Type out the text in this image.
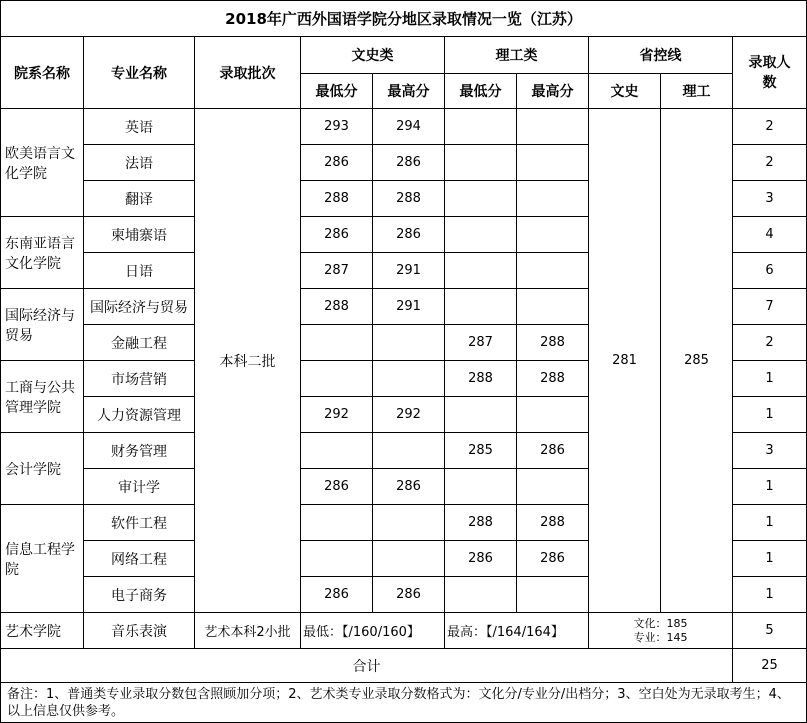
2018年广西外国语学院分地区录取情况一览（江苏）									
院系名称	专业名称	录取批次	文史类		理工类		省控线		录取人数
			最低分	最高分	最低分	最高分	文史	理工	
欧美语言文化学院	英语	本科二批	293	294			281	285	2
	法语		286	286					2
	翻译		288	288					3
东南亚语言文化学院	柬埔寨语		286	286					4
	日语		287	291					6
国际经济与贸易	国际经济与贸易		288	291					7
	金融工程				287	288			2
工商与公共管理学院	市场营销				288	288			1
	人力资源管理		292	292					1
会计学院	财务管理				285	286			3
	审计学		286	286					1
信息工程学院	软件工程				288	288			1
	网络工程				286	286			1
	电子商务		286	286					1
艺术学院	音乐表演	艺术本科2小批	最低：【/160/160】		最高：【/164/164】		文化：185
专业：145		5
合计									25
备注：1、普通类专业录取分数包含照顾加分项；2、艺术类专业录取分数格式为：文化分/专业分/出档分；3、空白处为无录取考生；4、以上信息仅供参考。									
